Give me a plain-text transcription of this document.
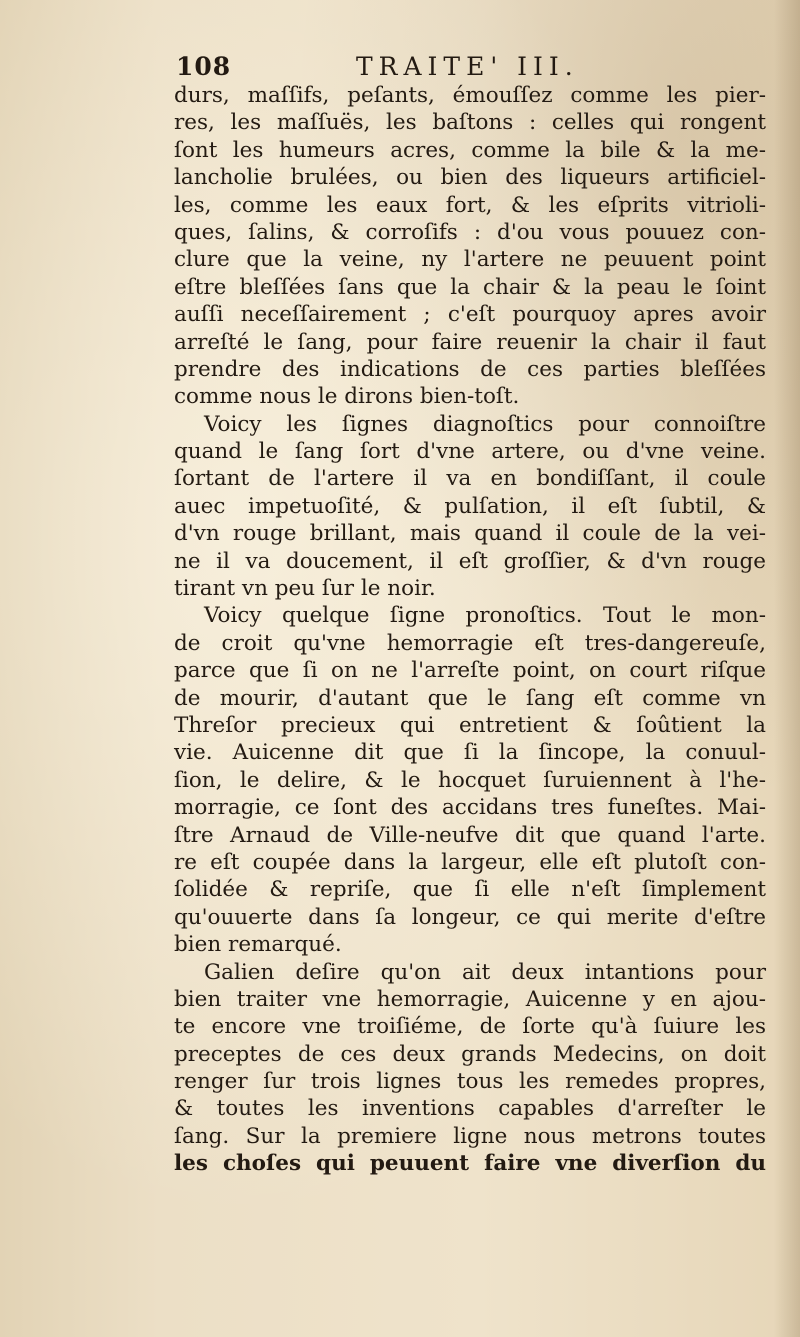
108	TRAITE' III.
durs, maſſifs, peſants, émouſſez comme les pier-
res, les maſſuës, les baſtons : celles qui rongent
ſont les humeurs acres, comme la bile & la me-
lancholie brulées, ou bien des liqueurs artificiel-
les, comme les eaux fort, & les eſprits vitrioli-
ques, ſalins, & corroſifs : d'ou vous pouuez con-
clure que la veine, ny l'artere ne peuuent point
eſtre bleſſées ſans que la chair & la peau le ſoint
auſſi neceſſairement ; c'eſt pourquoy apres avoir
arreſté le ſang, pour faire reuenir la chair il faut
prendre des indications de ces parties bleſſées
comme nous le dirons bien-toſt.
Voicy les ſignes diagnoſtics pour connoiſtre
quand le ſang ſort d'vne artere, ou d'vne veine.
ſortant de l'artere il va en bondiſſant, il coule
auec impetuoſité, & pulſation, il eſt ſubtil, &
d'vn rouge brillant, mais quand il coule de la vei-
ne il va doucement, il eſt groſſier, & d'vn rouge
tirant vn peu ſur le noir.
Voicy quelque ſigne pronoſtics. Tout le mon-
de croit qu'vne hemorragie eſt tres-dangereuſe,
parce que ſi on ne l'arreſte point, on court riſque
de mourir, d'autant que le ſang eſt comme vn
Threſor precieux qui entretient & ſoûtient la
vie. Auicenne dit que ſi la ſincope, la conuul-
ſion, le delire, & le hocquet ſuruiennent à l'he-
morragie, ce ſont des accidans tres funeſtes. Mai-
ſtre Arnaud de Ville-neufve dit que quand l'arte.
re eſt coupée dans la largeur, elle eſt plutoſt con-
ſolidée & repriſe, que ſi elle n'eſt ſimplement
qu'ouuerte dans ſa longeur, ce qui merite d'eſtre
bien remarqué.
Galien deſire qu'on ait deux intantions pour
bien traiter vne hemorragie, Auicenne y en ajou-
te encore vne troiſiéme, de ſorte qu'à ſuiure les
preceptes de ces deux grands Medecins, on doit
renger ſur trois lignes tous les remedes propres,
& toutes les inventions capables d'arreſter le
ſang. Sur la premiere ligne nous metrons toutes
les choſes qui peuuent faire vne diverſion du
